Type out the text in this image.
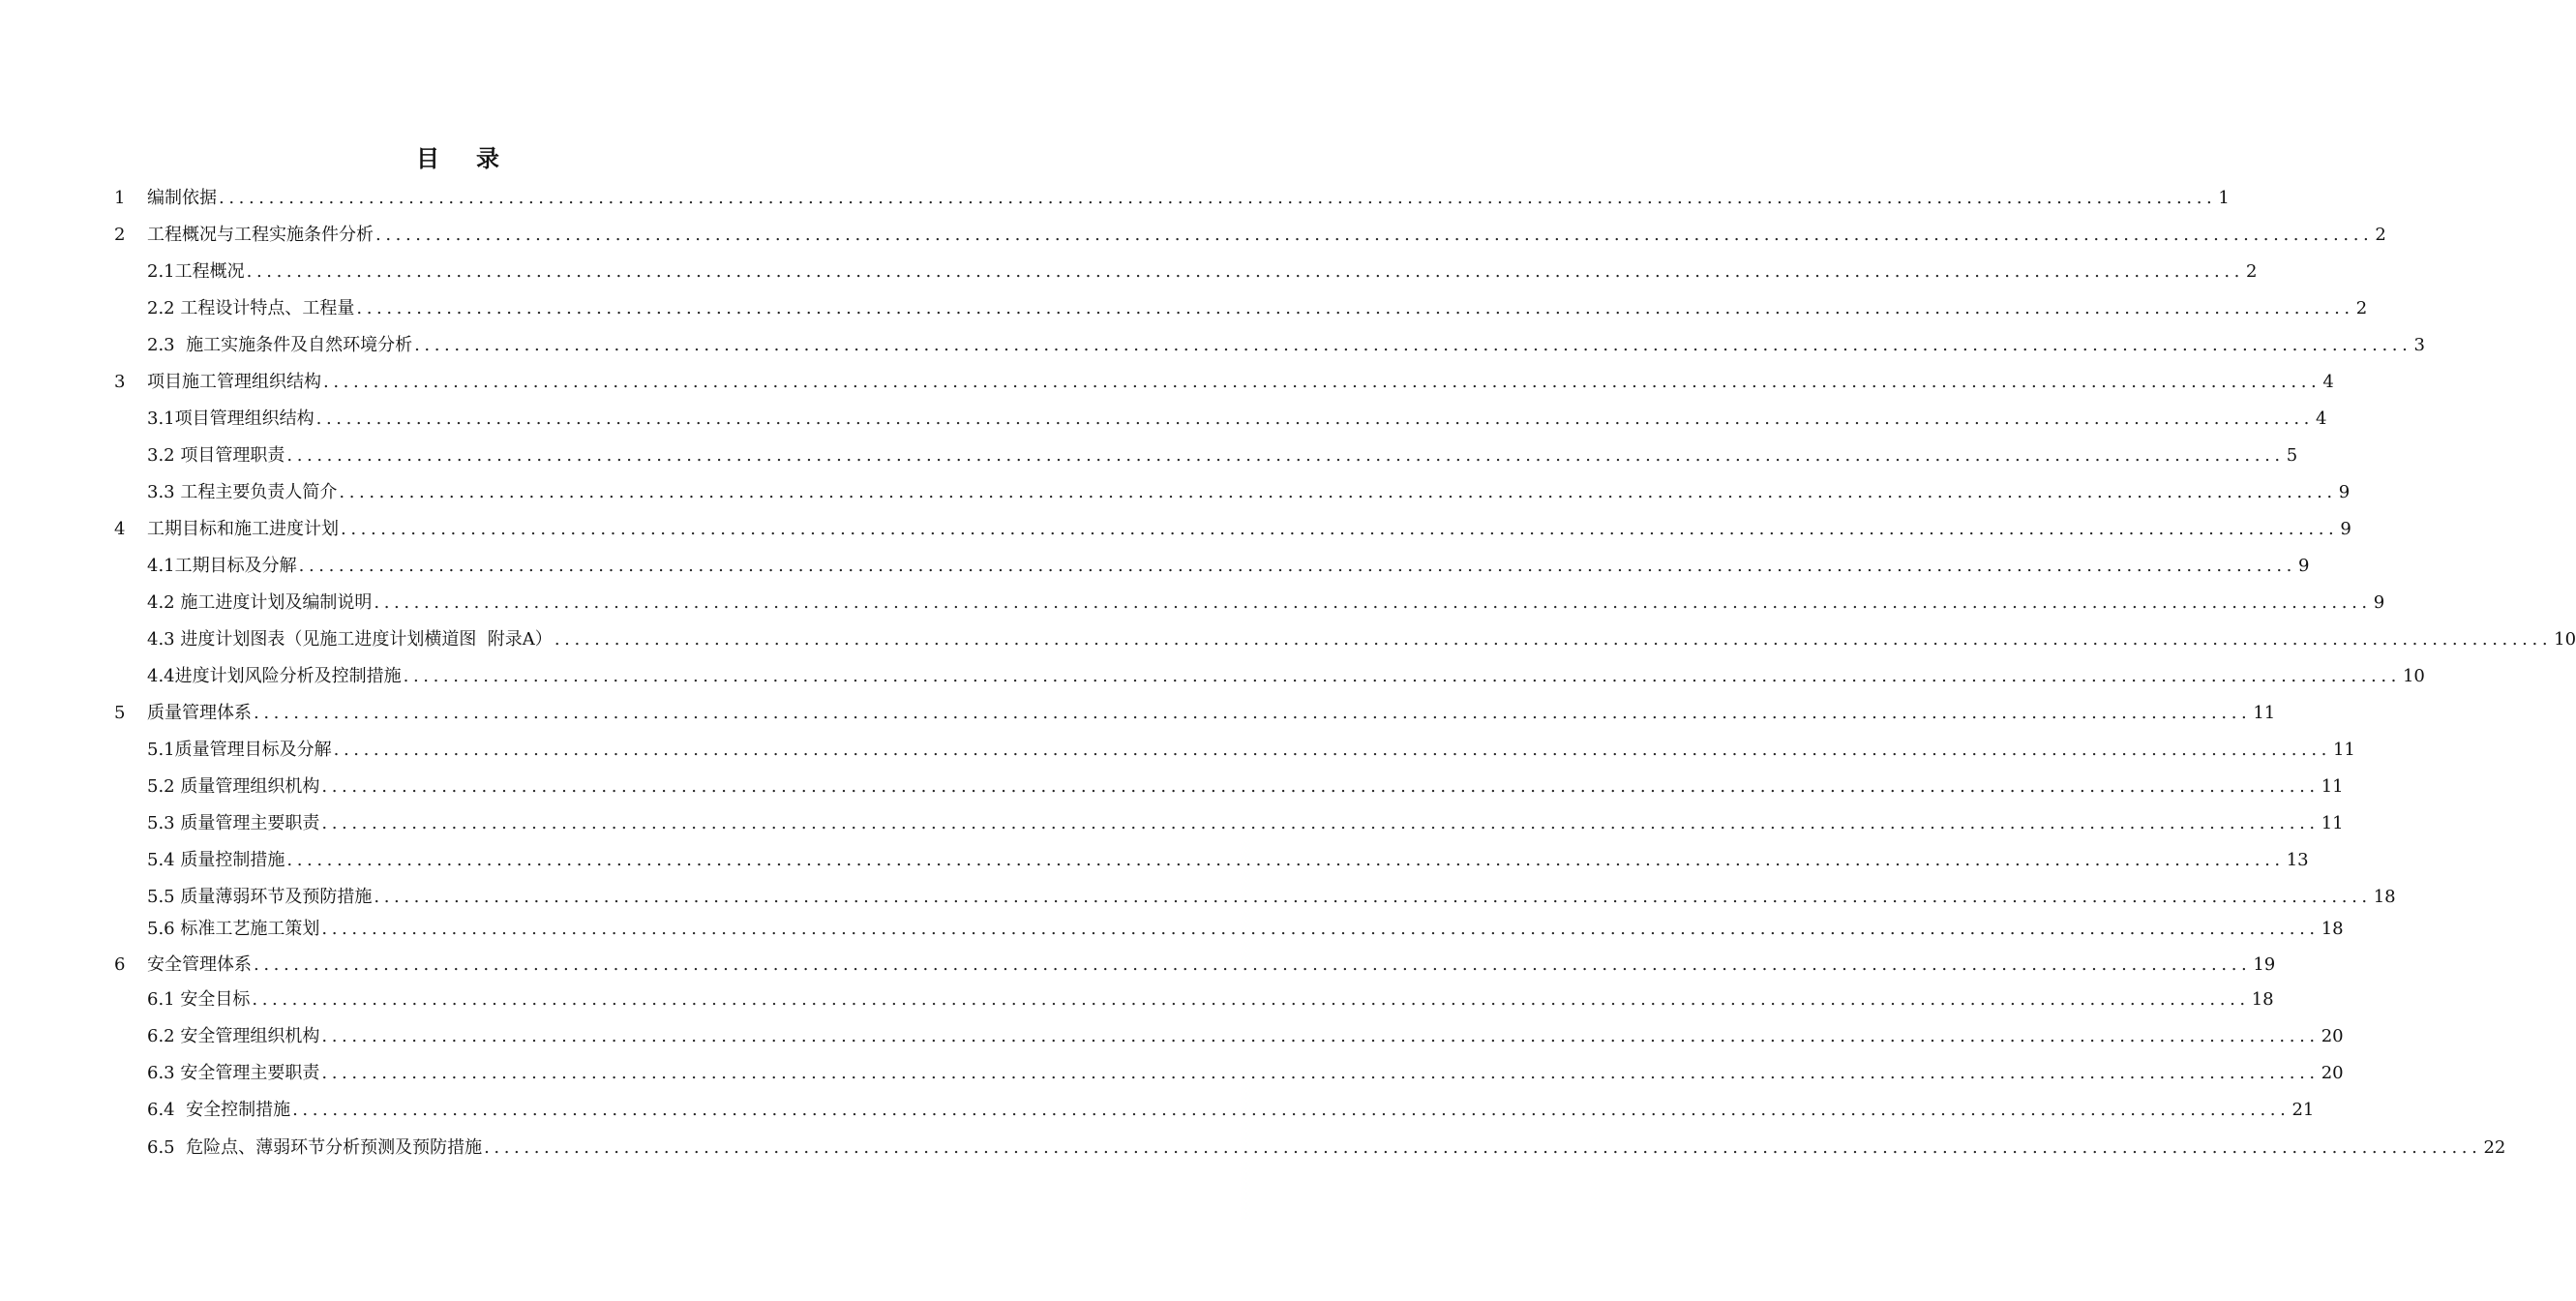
目 录
1	编制依据 ........................................................................................................................................................................................................ 1
2	工程概况与工程实施条件分析 ........................................................................................................................................................................................................ 2
2.1 工程概况 ........................................................................................................................................................................................................ 2
2.2 工程设计特点、工程量 ........................................................................................................................................................................................................ 2
2.3 施工实施条件及自然环境分析 ........................................................................................................................................................................................................ 3
3	项目施工管理组织结构 ........................................................................................................................................................................................................ 4
3.1 项目管理组织结构 ........................................................................................................................................................................................................ 4
3.2 项目管理职责 ........................................................................................................................................................................................................ 5
3.3 工程主要负责人简介 ........................................................................................................................................................................................................ 9
4	工期目标和施工进度计划 ........................................................................................................................................................................................................ 9
4.1 工期目标及分解 ........................................................................................................................................................................................................ 9
4.2 施工进度计划及编制说明 ........................................................................................................................................................................................................ 9
4.3 进度计划图表（见施工进度计划横道图  附录A） ........................................................................................................................................................................................................ 10
4.4 进度计划风险分析及控制措施 ........................................................................................................................................................................................................ 10
5	质量管理体系 ........................................................................................................................................................................................................ 11
5.1 质量管理目标及分解 ........................................................................................................................................................................................................ 11
5.2 质量管理组织机构 ........................................................................................................................................................................................................ 11
5.3 质量管理主要职责 ........................................................................................................................................................................................................ 11
5.4 质量控制措施 ........................................................................................................................................................................................................ 13
5.5 质量薄弱环节及预防措施 ........................................................................................................................................................................................................ 18
5.6 标准工艺施工策划 ........................................................................................................................................................................................................ 18
6	安全管理体系 ........................................................................................................................................................................................................ 19
6.1 安全目标 ........................................................................................................................................................................................................ 18
6.2 安全管理组织机构 ........................................................................................................................................................................................................ 20
6.3 安全管理主要职责 ........................................................................................................................................................................................................ 20
6.4 安全控制措施 ........................................................................................................................................................................................................ 21
6.5 危险点、薄弱环节分析预测及预防措施 ........................................................................................................................................................................................................ 22
